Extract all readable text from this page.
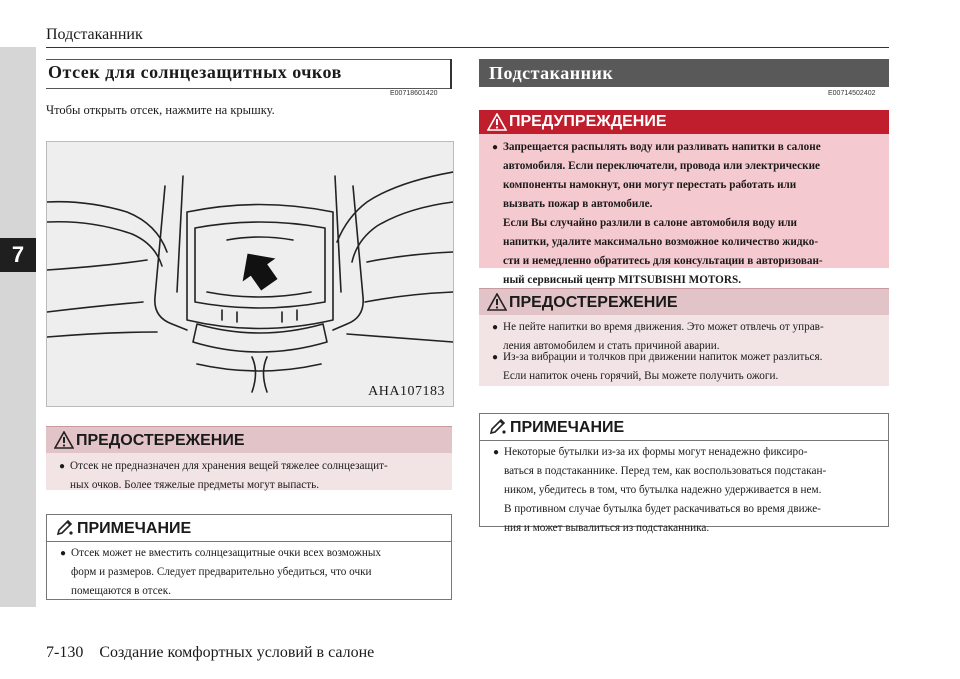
7
Подстаканник
Отсек для солнцезащитных очков
E00718601420
Чтобы открыть отсек, нажмите на крышку.
AHA107183
ПРЕДОСТЕРЕЖЕНИЕ
● Отсек не предназначен для хранения вещей тяжелее солнцезащит-
ных очков. Более тяжелые предметы могут выпасть.
ПРИМЕЧАНИЕ
● Отсек может не вместить солнцезащитные очки всех возможных
форм и размеров. Следует предварительно убедиться, что очки
помещаются в отсек.
Подстаканник
E00714502402
ПРЕДУПРЕЖДЕНИЕ
● Запрещается распылять воду или разливать напитки в салоне
автомобиля. Если переключатели, провода или электрические
компоненты намокнут, они могут перестать работать или
вызвать пожар в автомобиле.
Если Вы случайно разлили в салоне автомобиля воду или
напитки, удалите максимально возможное количество жидко-
сти и немедленно обратитесь для консультации в авторизован-
ный сервисный центр MITSUBISHI MOTORS.
ПРЕДОСТЕРЕЖЕНИЕ
● Не пейте напитки во время движения. Это может отвлечь от управ-
ления автомобилем и стать причиной аварии.
● Из-за вибрации и толчков при движении напиток может разлиться.
Если напиток очень горячий, Вы можете получить ожоги.
ПРИМЕЧАНИЕ
● Некоторые бутылки из-за их формы могут ненадежно фиксиро-
ваться в подстаканнике. Перед тем, как воспользоваться подстакан-
ником, убедитесь в том, что бутылка надежно удерживается в нем.
В противном случае бутылка будет раскачиваться во время движе-
ния и может вывалиться из подстаканника.
7-130 Создание комфортных условий в салоне
